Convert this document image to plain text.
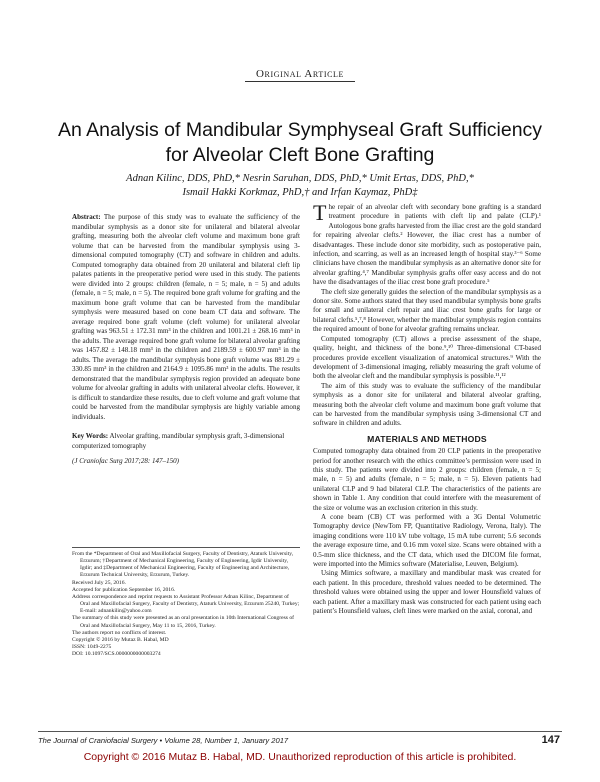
Original Article
An Analysis of Mandibular Symphyseal Graft Sufficiency
for Alveolar Cleft Bone Grafting
Adnan Kilinc, DDS, PhD,* Nesrin Saruhan, DDS, PhD,* Umit Ertas, DDS, PhD,*
Ismail Hakki Korkmaz, PhD,† and Irfan Kaymaz, PhD‡
Abstract: The purpose of this study was to evaluate the sufficiency of the mandibular symphysis as a donor site for unilateral and bilateral alveolar grafting, measuring both the alveolar cleft volume and maximum bone graft volume that can be harvested from the mandibular symphysis using 3-dimensional computed tomography (CT) and software in children and adults. Computed tomography data obtained from 20 unilateral and bilateral cleft lip palates patients in the preoperative period were used in this study. The patients were divided into 2 groups: children (female, n = 5; male, n = 5) and adults (female, n = 5; male, n = 5). The required bone graft volume for grafting and the maximum bone graft volume that can be harvested from the mandibular symphysis were measured based on cone beam CT data and software. The average required bone graft volume (cleft volume) for unilateral alveolar grafting was 963.51 ± 172.31 mm³ in the children and 1001.21 ± 268.16 mm³ in the adults. The average required bone graft volume for bilateral alveolar grafting was 1457.82 ± 148.18 mm³ in the children and 2189.59 ± 600.97 mm³ in the adults. The average the mandibular symphysis bone graft volume was 881.29 ± 330.85 mm³ in the children and 2164.9 ± 1095.86 mm³ in the adults. The results demonstrated that the mandibular symphysis region provided an adequate bone volume for alveolar grafting in adults with unilateral alveolar clefts. However, it is difficult to standardize these results, due to cleft volume and graft volume that could be harvested from the mandibular symphysis are highly variable among individuals.
Key Words: Alveolar grafting, mandibular symphysis graft, 3-dimensional computerized tomography
(J Craniofac Surg 2017;28: 147–150)

From the *Department of Oral and Maxillofacial Surgery, Faculty of Dentistry, Ataturk University, Erzurum; †Department of Mechanical Engineering, Faculty of Engineering, Igdir University, Igdir; and ‡Department of Mechanical Engineering, Faculty of Engineering and Architecture, Erzurum Technical University, Erzurum, Turkey.

Received July 25, 2016.

Accepted for publication September 16, 2016.

Address correspondence and reprint requests to Assistant Professor Adnan Kilinc, Department of Oral and Maxillofacial Surgery, Faculty of Dentistry, Ataturk University, Erzurum 25240, Turkey;

E-mail: adnankilin@yahoo.com

The summary of this study were presented as an oral presentation in 10th International Congress of Oral and Maxillofacial Surgery, May 11 to 15, 2016, Turkey.

The authors report no conflicts of interest.

Copyright © 2016 by Mutaz B. Habal, MD

ISSN: 1049-2275

DOI: 10.1097/SCS.0000000000003274

The repair of an alveolar cleft with secondary bone grafting is a standard treatment procedure in patients with cleft lip and palate (CLP).¹ Autologous bone grafts harvested from the iliac crest are the gold standard for repairing alveolar clefts.² However, the iliac crest has a number of disadvantages. These include donor site morbidity, such as postoperative pain, infection, and scarring, as well as an increased length of hospital stay.³⁻⁶ Some clinicians have chosen the mandibular symphysis as an alternative donor site for alveolar grafting.⁴,⁷ Mandibular symphysis grafts offer easy access and do not have the disadvantages of the iliac crest bone graft procedure.⁵

The cleft size generally guides the selection of the mandibular symphysis as a donor site. Some authors stated that they used mandibular symphysis bone grafts for small and unilateral cleft repair and iliac crest bone grafts for large or bilateral clefts.⁵,⁷,⁸ However, whether the mandibular symphysis region contains the required amount of bone for alveolar grafting remains unclear.

Computed tomography (CT) allows a precise assessment of the shape, quality, height, and thickness of the bone.⁹,¹⁰ Three-dimensional CT-based procedures provide excellent visualization of anatomical structures.⁹ With the development of 3-dimensional imaging, reliably measuring the graft volume of both the alveolar cleft and the mandibular symphysis is possible.¹¹,¹²

The aim of this study was to evaluate the sufficiency of the mandibular symphysis as a donor site for unilateral and bilateral alveolar grafting, measuring both the alveolar cleft volume and maximum bone graft volume that can be harvested from the mandibular symphysis using 3-dimensional CT and software in children and adults.

MATERIALS AND METHODS

Computed tomography data obtained from 20 CLP patients in the preoperative period for another research with the ethics committee’s permission were used in this study. The patients were divided into 2 groups: children (female, n = 5; male, n = 5) and adults (female, n = 5; male, n = 5). Eleven patients had unilateral CLP and 9 had bilateral CLP. The characteristics of the patients are shown in Table 1. Any condition that could interfere with the measurement of the size or volume was an exclusion criterion in this study.

A cone beam (CB) CT was performed with a 3G Dental Volumetric Tomography device (NewTom FP, Quantitative Radiology, Verona, Italy). The imaging conditions were 110 kV tube voltage, 15 mA tube current; 5.6 seconds the average exposure time, and 0.16 mm voxel size. Scans were obtained with a 0.5-mm slice thickness, and the CT data, which used the DICOM file format, were imported into the Mimics software (Materialise, Leuven, Belgium).

Using Mimics software, a maxillary and mandibular mask was created for each patient. In this procedure, threshold values needed to be determined. The threshold values were obtained using the upper and lower Hounsfield values of each patient. After a maxillary mask was constructed for each patient using each patient’s Hounsfield values, cleft lines were marked on the axial, coronal, and

The Journal of Craniofacial Surgery • Volume 28, Number 1, January 2017	147
Copyright © 2016 Mutaz B. Habal, MD. Unauthorized reproduction of this article is prohibited.
